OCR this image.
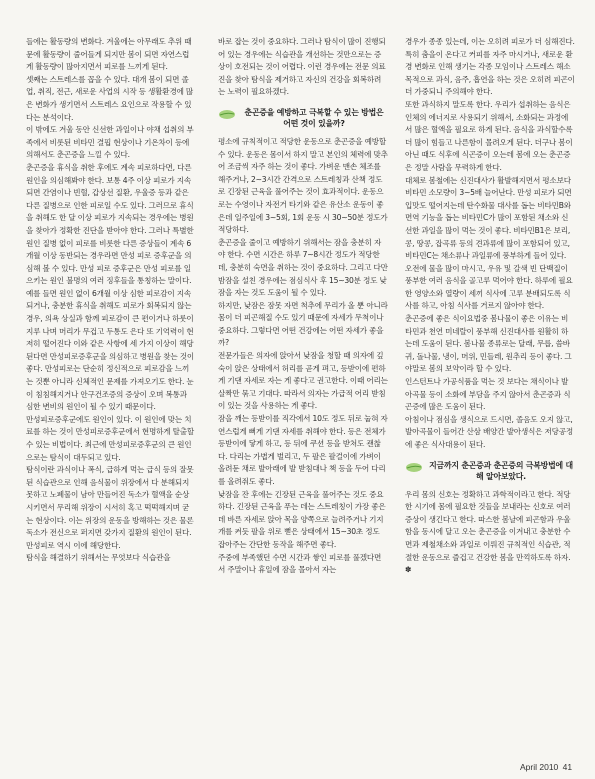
들에는 활동량의 변화다. 겨울에는 아무래도 추위 때문에 활동량이 줄어들게 되지만 봄이 되면 자연스럽게 활동량이 많아지면서 피로를 느끼게 된다.

셋째는 스트레스를 꼽을 수 있다. 대개 봄이 되면 졸업, 취직, 전근, 새로운 사업의 시작 등 생활환경에 많은 변화가 생기면서 스트레스 요인으로 작용할 수 있다는 분석이다.

이 밖에도 겨울 동안 신선한 과일이나 야채 섭취의 부족에서 비롯된 비타민 결핍 현상이나 기온차이 등에 의해서도 춘곤증을 느낄 수 있다.

춘곤증을 휴식을 취한 후에도 계속 피로하다면, 다른 원인을 의심해봐야 한다. 보통 4주 이상 피로가 지속되면 간염이나 빈혈, 갑상선 질환, 우울증 등과 같은 다른 질병으로 인한 피로일 수도 있다. 그러므로 휴식을 취해도 한 달 이상 피로가 지속되는 경우에는 병원을 찾아가 정확한 진단을 받아야 한다. 그러나 특별한 원인 질병 없이 피로를 비롯한 다른 증상들이 계속 6개월 이상 동반되는 경우라면 만성 피로 증후군을 의심해 볼 수 있다. 만성 피로 증후군은 만성 피로를 일으키는 원인 불명의 여러 징후들을 통칭하는 말이다.

예를 들면 원인 없이 6개월 이상 심한 피로감이 지속되거나, 충분한 휴식을 취해도 피로가 회복되지 않는 경우, 의욕 상실과 함께 피로감이 큰 편이거나 하룻이 지루 나며 머리가 무겁고 두통도 은다 또 기억력이 현저히 떨어진다 이와 같은 사항에 세 가지 이상이 해당된다면 만성피로증후군을 의심하고 병원을 찾는 것이 좋다. 만성피로는 단순히 정신적으로 피로감을 느끼는 것뿐 아니라 신체적인 문제를 가져오기도 한다. 눈이 침침해지거나 안구건조증의 증상이 오며 복통과 심한 변비의 원인이 될 수 있기 때문이다.

만성피로증후군에도 원인이 있다. 이 원인에 맞는 치료를 하는 것이 만성피로증후군에서 현명하게 탈출할 수 있는 비법이다. 최근에 만성피로증후군의 큰 원인으로는 탐식이 대두되고 있다.

탐식이란 과식이나 폭식, 급하게 먹는 급식 등의 잘못된 식습관으로 인해 음식물이 위장에서 다 분해되지 못하고 노폐물이 남아 만들어진 독소가 혈액을 순상시키면서 무리해 위장이 시서히 혹고 떡떡해지며 굳는 현상이다. 이는 위장의 운동을 방해하는 것은 물론 독소가 전신으로 퍼지면 갖가지 질환의 원인이 된다. 만성피로 역시 이에 해당한다.

탐식을 해결하기 위해서는 무엇보다 식습관을

바로 잡는 것이 중요하다. 그러나 탐식이 많이 진행되어 있는 경우에는 식습관을 개선하는 것만으로는 증상이 호전되는 것이 어렵다. 이런 경우에는 전문 의료진을 찾아 탐식을 제거하고 자신의 건강을 회복하려는 노력이 필요하겠다.

춘곤증을 예방하고 극복할 수 있는 방법은 어떤 것이 있을까?

평소에 규칙적이고 적당한 운동으로 춘곤증을 예방할 수 있다. 운동은 몸이서 하지 말고 본인의 체력에 맞추어 조금씩 자주 하는 것이 좋다. 가벼운 맨손 체조를 해주거나, 2~3시간 간격으로 스트레칭과 산책 정도로 긴장된 근육을 풀어주는 것이 효과적이다. 운동으로는 수영이나 자전거 타기와 같은 유산소 운동이 좋은데 일주일에 3~5회, 1회 운동 시 30~50분 정도가 적당하다.

춘곤증을 줄이고 예방하기 위해서는 잠을 충분히 자야 한다. 수면 시간은 하루 7~8시간 정도가 적당한데, 충분히 숙면을 취하는 것이 중요하다. 그리고 다만 밤잠을 설친 경우에는 점심식사 후 15~30분 정도 낮잠을 자는 것도 도움이 될 수 있다.

하지만, 낮잠은 잠못 자면 척추에 무리가 올 뿐 아니라 몸이 더 피곤해질 수도 있기 때문에 자세가 무척이나 중요하다. 그렇다면 어떤 건강에는 어떤 자세가 좋을까?

전문가들은 의자에 앉아서 낮잠을 청할 때 의자에 깊숙이 앉은 상태에서 허리를 곧게 펴고, 등받이에 편하게 기댄 자세로 자는 게 좋다고 권고한다. 이때 어리는 살짝만 묶고 기대다. 따라서 의자는 가급적 어리 받침이 있는 것을 사용하는 게 좋다.

잠을 깨는 등받이를 직각에서 10도 정도 뒤로 눕혀 자연스럽게 뻐게 기댄 자세를 취해야 한다. 등은 전체가 등받이에 닿게 하고, 등 뒤에 쿠션 등을 받쳐도 괜찮다. 다리는 가볍게 벌리고, 두 팔은 팔걸이에 가벼이 올려둔 채로 발아래에 발 받침대나 책 등을 두어 다리를 올려줘도 좋다.

낮잠을 잔 후에는 긴장된 근육을 풀어주는 것도 중요하다. 긴장된 근육을 푸는 데는 스트레칭이 가장 좋은데 바른 자세로 앉아 목을 양쪽으로 늘려주거나 기지개를 켜듯 팔을 위로 뻗은 상태에서 15~30초 정도 잡아주는 간단한 동작을 해주면 좋다.

주중에 부족했던 수면 시간과 쌓인 피로를 풀겠다면서 주말이나 휴일에 잠을 몰아서 자는

경우가 종종 있는데, 이는 오히려 피로가 더 심해진다. 특히 춤을이 온다고 커피를 자주 마시거나, 새로운 환경 변화로 인해 생기는 각종 모임이나 스트레스 해소 목적으로 과식, 음주, 흡연을 하는 것은 오히려 피곤이 더 가중되니 주의해야 한다.

또한 과식하지 말도록 한다. 우리가 섭취하는 음식은 인체의 에너지로 사용되기 위해서, 소화되는 과정에서 많은 혈액을 필요로 하게 된다. 음식을 과식할수록 더 많이 힘들고 나른함이 몰려오게 된다. 더구나 봄이 아닌 때도 식후에 식곤증이 오는데 봄에 오는 춘곤증은 정말 사람을 무력하게 한다.

대체로 봄철에는 신진대사가 활발해지면서 평소보다 비타민 소모량이 3~5배 늘어난다. 만성 피로가 되면 입맛도 떨어지는데 탄수화물 대사를 돕는 비타민B와 면역 기능을 돕는 비타민C가 많이 포함된 채소와 신선한 과일을 많이 먹는 것이 좋다. 비타민B1은 보리, 콩, 땅콩, 잡곡류 등의 견과류에 많이 포함되어 있고, 비타민C는 채소류나 과일류에 풍부하게 들어 있다. 오전에 물을 많이 마시고, 우유 및 갈색 빈 단백질이 풍부한 여러 음식을 골고루 먹어야 한다. 하루에 필요한 영양소와 열량이 세끼 식사에 고루 분배되도록 식사를 하고, 아침 식사를 거르지 않아야 한다.

춘곤증에 좋은 식이요법중 봄나물이 좋은 이유는 비타민과 천연 미네랄이 풍부해 신진대사를 원활히 하는데 도움이 된다. 봄나물 종류로는 달래, 무릅, 씀바귀, 돌나물, 냉이, 머위, 민들레, 원추리 등이 좋다. 그야말로 봄의 보약이라 할 수 있다.

인스턴트나 가공식품을 먹는 것 보다는 채식이나 발아곡물 등이 소화에 부담을 주지 않아서 춘곤증과 식곤증에 많은 도움이 된다.

아침이나 점심을 생식으로 드시면, 졸음도 오지 않고, 발아곡물이 들어간 산삼 배양간 발아생식은 저당공정에 좋은 식사대용이 된다.

지금까지 춘곤증과 춘곤증의 극복방법에 대해 알아보았다.

우리 몸의 신호는 정확하고 과학적이라고 한다. 적당한 시기에 몸에 필요한 것들을 보내라는 신호로 여러 증상이 생긴다고 한다. 따스한 봄날에 피곤함과 우울함을 동시에 달고 오는 춘곤증을 이겨내고 충분한 수면과 제철채소와 과일로 이뤄진 규칙적인 식습관, 적절한 운동으로 즐겁고 건강한 봄을 만끽하도록 하자. ✽

April 2010 41
